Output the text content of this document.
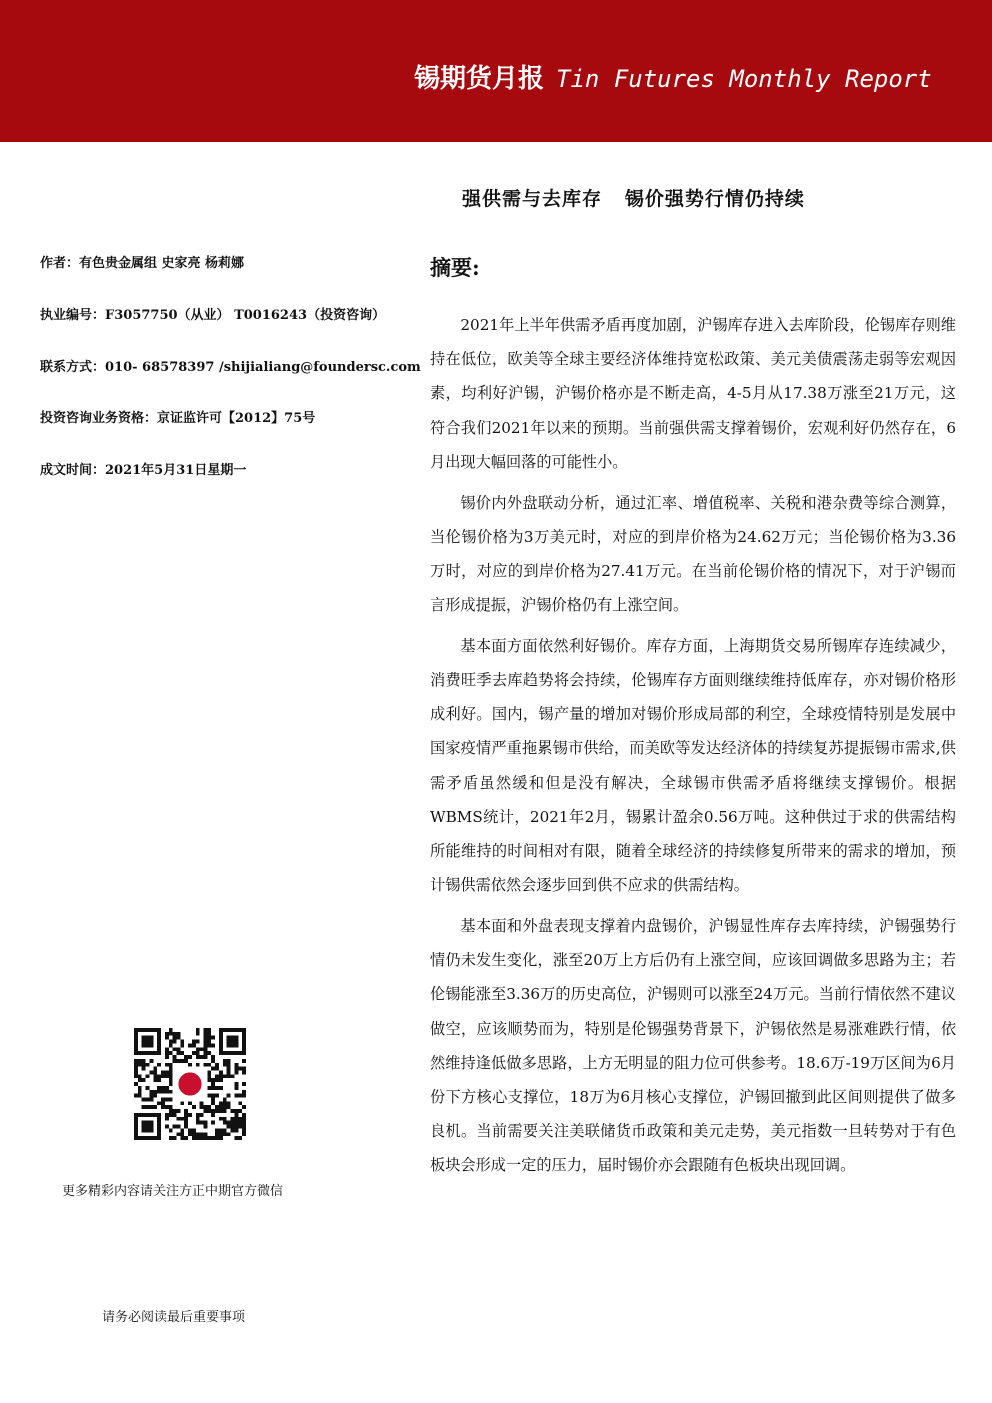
锡期货月报 Tin Futures Monthly Report
强供需与去库存   锡价强势行情仍持续
作者：有色贵金属组 史家亮 杨莉娜
执业编号：F3057750（从业） T0016243（投资咨询）
联系方式：010- 68578397 /shijialiang@foundersc.com
投资咨询业务资格：京证监许可【2012】75号
成文时间：2021年5月31日星期一
摘要:

2021年上半年供需矛盾再度加剧，沪锡库存进入去库阶段，伦锡库存则维持在低位，欧美等全球主要经济体维持宽松政策、美元美债震荡走弱等宏观因素，均利好沪锡，沪锡价格亦是不断走高，4-5月从17.38万涨至21万元，这符合我们2021年以来的预期。当前强供需支撑着锡价，宏观利好仍然存在，6月出现大幅回落的可能性小。

锡价内外盘联动分析，通过汇率、增值税率、关税和港杂费等综合测算，当伦锡价格为3万美元时，对应的到岸价格为24.62万元；当伦锡价格为3.36万时，对应的到岸价格为27.41万元。在当前伦锡价格的情况下，对于沪锡而言形成提振，沪锡价格仍有上涨空间。

基本面方面依然利好锡价。库存方面，上海期货交易所锡库存连续减少，消费旺季去库趋势将会持续，伦锡库存方面则继续维持低库存，亦对锡价格形成利好。国内，锡产量的增加对锡价形成局部的利空，全球疫情特别是发展中国家疫情严重拖累锡市供给，而美欧等发达经济体的持续复苏提振锡市需求,供需矛盾虽然缓和但是没有解决，全球锡市供需矛盾将继续支撑锡价。根据WBMS统计，2021年2月，锡累计盈余0.56万吨。这种供过于求的供需结构所能维持的时间相对有限，随着全球经济的持续修复所带来的需求的增加，预计锡供需依然会逐步回到供不应求的供需结构。

基本面和外盘表现支撑着内盘锡价，沪锡显性库存去库持续，沪锡强势行情仍未发生变化，涨至20万上方后仍有上涨空间，应该回调做多思路为主；若伦锡能涨至3.36万的历史高位，沪锡则可以涨至24万元。当前行情依然不建议做空，应该顺势而为，特别是伦锡强势背景下，沪锡依然是易涨难跌行情，依然维持逢低做多思路，上方无明显的阻力位可供参考。18.6万-19万区间为6月份下方核心支撑位，18万为6月核心支撑位，沪锡回撤到此区间则提供了做多良机。当前需要关注美联储货币政策和美元走势，美元指数一旦转势对于有色板块会形成一定的压力，届时锡价亦会跟随有色板块出现回调。

更多精彩内容请关注方正中期官方微信
请务必阅读最后重要事项
